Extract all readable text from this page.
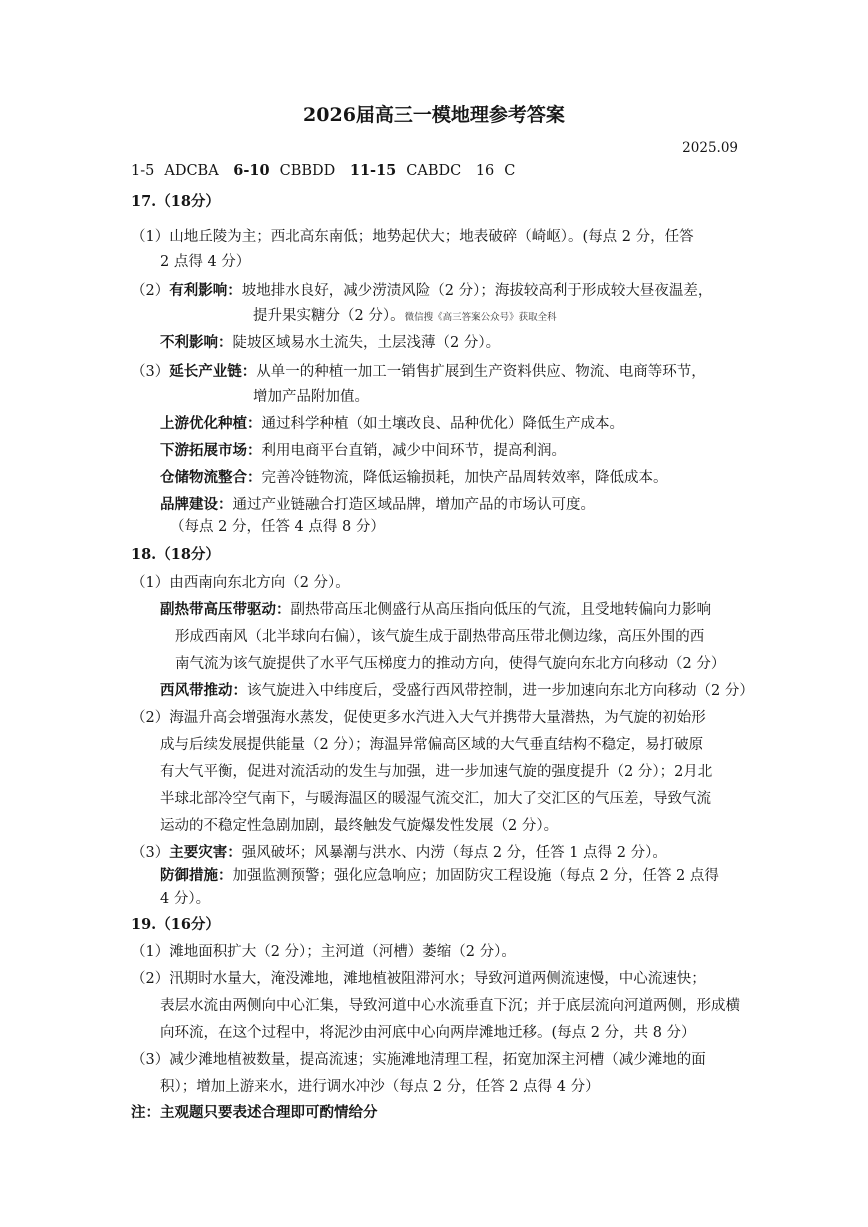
2026届高三一模地理参考答案
2025.09
1-5 ADCBA 6-10 CBBDD 11-15 CABDC 16 C
17.（18分）
（1）山地丘陵为主；西北高东南低；地势起伏大；地表破碎（崎岖）。(每点 2 分，任答
2 点得 4 分）
（2）有利影响：坡地排水良好，减少涝渍风险（2 分）；海拔较高利于形成较大昼夜温差，
提升果实糖分（2 分）。微信搜《高三答案公众号》获取全科
不利影响：陡坡区域易水土流失，土层浅薄（2 分）。
（3）延长产业链：从单一的种植一加工一销售扩展到生产资料供应、物流、电商等环节，
增加产品附加值。
上游优化种植：通过科学种植（如土壤改良、品种优化）降低生产成本。
下游拓展市场：利用电商平台直销，减少中间环节，提高利润。
仓储物流整合：完善冷链物流，降低运输损耗，加快产品周转效率，降低成本。
品牌建设：通过产业链融合打造区域品牌，增加产品的市场认可度。
（每点 2 分，任答 4 点得 8 分）
18.（18分）
（1）由西南向东北方向（2 分）。
副热带高压带驱动：副热带高压北侧盛行从高压指向低压的气流，且受地转偏向力影响
形成西南风（北半球向右偏），该气旋生成于副热带高压带北侧边缘，高压外围的西
南气流为该气旋提供了水平气压梯度力的推动方向，使得气旋向东北方向移动（2 分）
西风带推动：该气旋进入中纬度后，受盛行西风带控制，进一步加速向东北方向移动（2 分）
（2）海温升高会增强海水蒸发，促使更多水汽进入大气并携带大量潜热，为气旋的初始形
成与后续发展提供能量（2 分）；海温异常偏高区域的大气垂直结构不稳定，易打破原
有大气平衡，促进对流活动的发生与加强，进一步加速气旋的强度提升（2 分）；2月北
半球北部冷空气南下，与暖海温区的暖湿气流交汇，加大了交汇区的气压差，导致气流
运动的不稳定性急剧加剧，最终触发气旋爆发性发展（2 分）。
（3）主要灾害：强风破坏；风暴潮与洪水、内涝（每点 2 分，任答 1 点得 2 分）。
防御措施：加强监测预警；强化应急响应；加固防灾工程设施（每点 2 分，任答 2 点得
4 分）。
19.（16分）
（1）滩地面积扩大（2 分）；主河道（河槽）萎缩（2 分）。
（2）汛期时水量大，淹没滩地，滩地植被阻滞河水；导致河道两侧流速慢，中心流速快；
表层水流由两侧向中心汇集，导致河道中心水流垂直下沉；并于底层流向河道两侧，形成横
向环流，在这个过程中，将泥沙由河底中心向两岸滩地迁移。(每点 2 分，共 8 分）
（3）减少滩地植被数量，提高流速；实施滩地清理工程，拓宽加深主河槽（减少滩地的面
积）；增加上游来水，进行调水冲沙（每点 2 分，任答 2 点得 4 分）
注：主观题只要表述合理即可酌情给分
